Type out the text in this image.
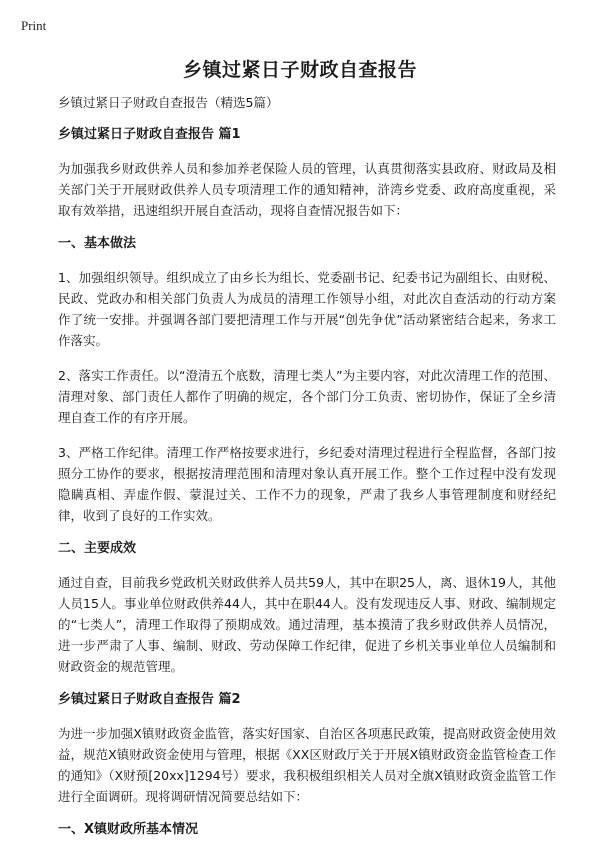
Print
乡镇过紧日子财政自查报告

乡镇过紧日子财政自查报告（精选5篇）

乡镇过紧日子财政自查报告 篇1

为加强我乡财政供养人员和参加养老保险人员的管理，认真贯彻落实县政府、财政局及相关部门关于开展财政供养人员专项清理工作的通知精神，浒湾乡党委、政府高度重视，采取有效举措，迅速组织开展自查活动，现将自查情况报告如下：

一、基本做法

1、加强组织领导。组织成立了由乡长为组长、党委副书记、纪委书记为副组长、由财税、民政、党政办和相关部门负责人为成员的清理工作领导小组，对此次自查活动的行动方案作了统一安排。并强调各部门要把清理工作与开展“创先争优”活动紧密结合起来，务求工作落实。

2、落实工作责任。以“澄清五个底数，清理七类人”为主要内容，对此次清理工作的范围、清理对象、部门责任人都作了明确的规定，各个部门分工负责、密切协作，保证了全乡清理自查工作的有序开展。

3、严格工作纪律。清理工作严格按要求进行，乡纪委对清理过程进行全程监督，各部门按照分工协作的要求，根据按清理范围和清理对象认真开展工作。整个工作过程中没有发现隐瞒真相、弄虚作假、蒙混过关、工作不力的现象，严肃了我乡人事管理制度和财经纪律，收到了良好的工作实效。

二、主要成效

通过自查，目前我乡党政机关财政供养人员共59人，其中在职25人，离、退休19人，其他人员15人。事业单位财政供养44人，其中在职44人。没有发现违反人事、财政、编制规定的“七类人”，清理工作取得了预期成效。通过清理，基本摸清了我乡财政供养人员情况，进一步严肃了人事、编制、财政、劳动保障工作纪律，促进了乡机关事业单位人员编制和财政资金的规范管理。

乡镇过紧日子财政自查报告 篇2

为进一步加强X镇财政资金监管，落实好国家、自治区各项惠民政策，提高财政资金使用效益，规范X镇财政资金使用与管理，根据《XX区财政厅关于开展X镇财政资金监管检查工作的通知》（X财预[20xx]1294号）要求，我积极组织相关人员对全旗X镇财政资金监管工作进行全面调研。现将调研情况简要总结如下：

一、X镇财政所基本情况
